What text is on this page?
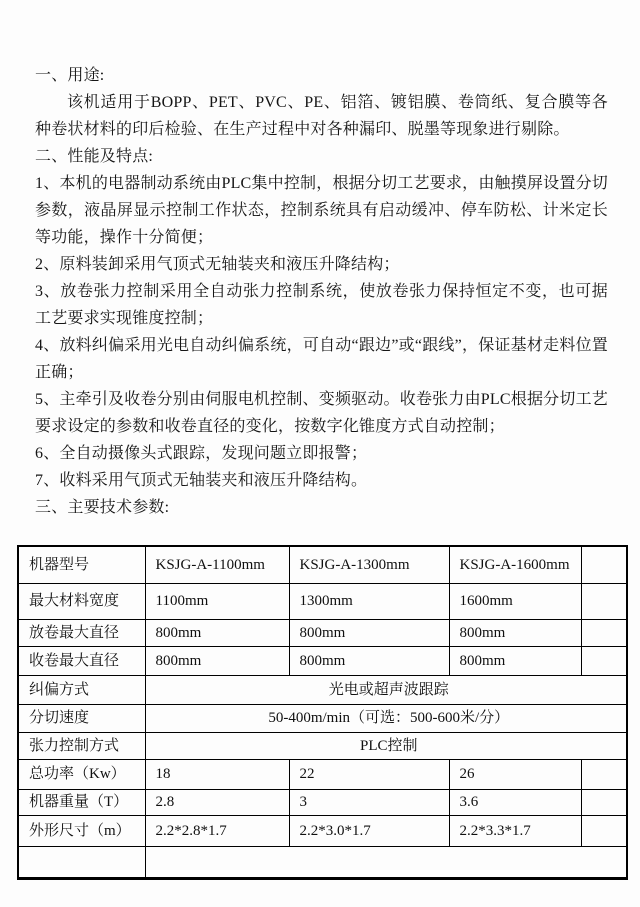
一、用途:

该机适用于BOPP、PET、PVC、PE、铝箔、镀铝膜、卷筒纸、复合膜等各种卷状材料的印后检验、在生产过程中对各种漏印、脱墨等现象进行剔除。

二、性能及特点:

1、本机的电器制动系统由PLC集中控制，根据分切工艺要求，由触摸屏设置分切参数，液晶屏显示控制工作状态，控制系统具有启动缓冲、停车防松、计米定长等功能，操作十分简便；

2、原料装卸采用气顶式无轴装夹和液压升降结构；

3、放卷张力控制采用全自动张力控制系统，使放卷张力保持恒定不变，也可据工艺要求实现锥度控制；

4、放料纠偏采用光电自动纠偏系统，可自动“跟边”或“跟线”，保证基材走料位置正确；

5、主牵引及收卷分别由伺服电机控制、变频驱动。收卷张力由PLC根据分切工艺要求设定的参数和收卷直径的变化，按数字化锥度方式自动控制；

6、全自动摄像头式跟踪，发现问题立即报警；

7、收料采用气顶式无轴装夹和液压升降结构。

三、主要技术参数:

机器型号	KSJG-A-1100mm	KSJG-A-1300mm	KSJG-A-1600mm	
最大材料宽度	1100mm	1300mm	1600mm	
放卷最大直径	800mm	800mm	800mm	
收卷最大直径	800mm	800mm	800mm	
纠偏方式	光电或超声波跟踪			
分切速度	50-400m/min（可选：500-600米/分）			
张力控制方式	PLC控制			
总功率（Kw）	18	22	26	
机器重量（T）	2.8	3	3.6	
外形尺寸（m）	2.2*2.8*1.7	2.2*3.0*1.7	2.2*3.3*1.7	
